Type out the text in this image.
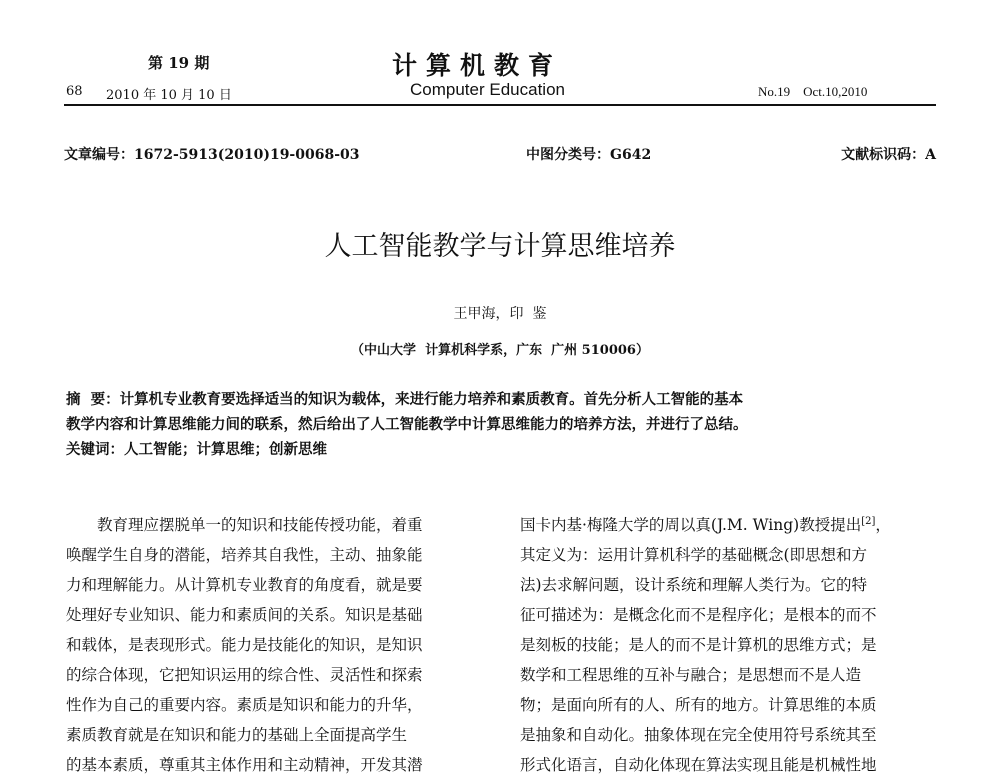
第 19 期	计算机教育
68 2010 年 10 月 10 日	Computer Education	No.19    Oct.10,2010
文章编号：1672-5913(2010)19-0068-03	中图分类号：G642	文献标识码：A
人工智能教学与计算思维培养
王甲海，印  鉴
（中山大学  计算机科学系，广东  广州 510006）
摘  要：计算机专业教育要选择适当的知识为载体，来进行能力培养和素质教育。首先分析人工智能的基本
教学内容和计算思维能力间的联系，然后给出了人工智能教学中计算思维能力的培养方法，并进行了总结。
关键词：人工智能；计算思维；创新思维
　　教育理应摆脱单一的知识和技能传授功能，着重
唤醒学生自身的潜能，培养其自我性，主动、抽象能
力和理解能力。从计算机专业教育的角度看，就是要
处理好专业知识、能力和素质间的关系。知识是基础
和载体，是表现形式。能力是技能化的知识，是知识
的综合体现，它把知识运用的综合性、灵活性和探索
性作为自己的重要内容。素质是知识和能力的升华，
素质教育就是在知识和能力的基础上全面提高学生
的基本素质，尊重其主体作用和主动精神，开发其潜
国卡内基·梅隆大学的周以真(J.M. Wing)教授提出[2]，
其定义为：运用计算机科学的基础概念(即思想和方
法)去求解问题，设计系统和理解人类行为。它的特
征可描述为：是概念化而不是程序化；是根本的而不
是刻板的技能；是人的而不是计算机的思维方式；是
数学和工程思维的互补与融合；是思想而不是人造
物；是面向所有的人、所有的地方。计算思维的本质
是抽象和自动化。抽象体现在完全使用符号系统其至
形式化语言，自动化体现在算法实现且能是机械性地
